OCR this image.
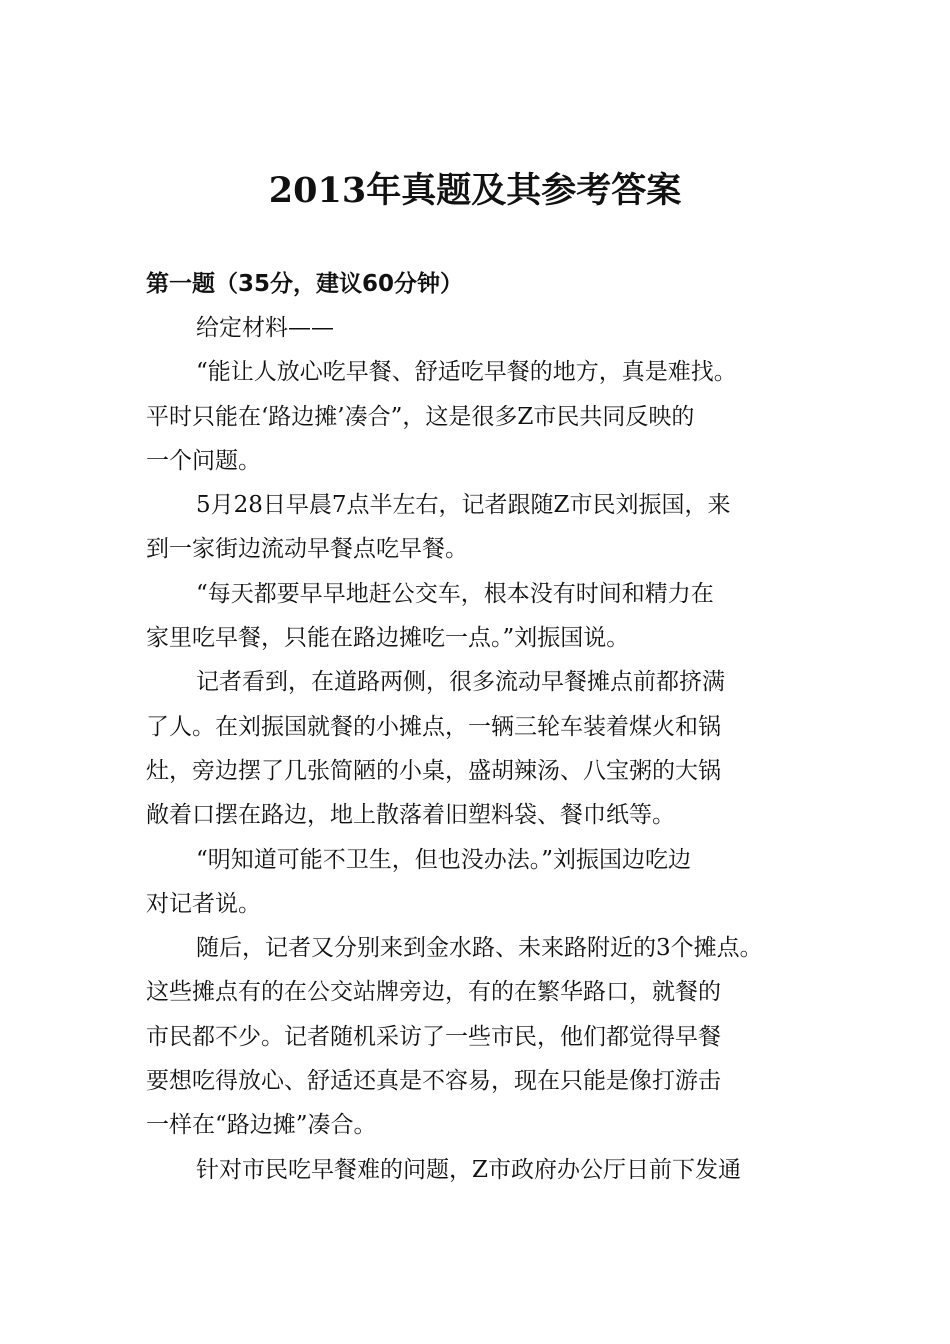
2013年真题及其参考答案
第一题（35分，建议60分钟）

给定材料——

“能让人放心吃早餐、舒适吃早餐的地方，真是难找。
平时只能在‘路边摊’凑合”，这是很多Z市民共同反映的
一个问题。

5月28日早晨7点半左右，记者跟随Z市民刘振国，来
到一家街边流动早餐点吃早餐。

“每天都要早早地赶公交车，根本没有时间和精力在
家里吃早餐，只能在路边摊吃一点。”刘振国说。

记者看到，在道路两侧，很多流动早餐摊点前都挤满
了人。在刘振国就餐的小摊点，一辆三轮车装着煤火和锅
灶，旁边摆了几张简陋的小桌，盛胡辣汤、八宝粥的大锅
敞着口摆在路边，地上散落着旧塑料袋、餐巾纸等。

“明知道可能不卫生，但也没办法。”刘振国边吃边
对记者说。

随后，记者又分别来到金水路、未来路附近的3个摊点。
这些摊点有的在公交站牌旁边，有的在繁华路口，就餐的
市民都不少。记者随机采访了一些市民，他们都觉得早餐
要想吃得放心、舒适还真是不容易，现在只能是像打游击
一样在“路边摊”凑合。

针对市民吃早餐难的问题，Z市政府办公厅日前下发通
